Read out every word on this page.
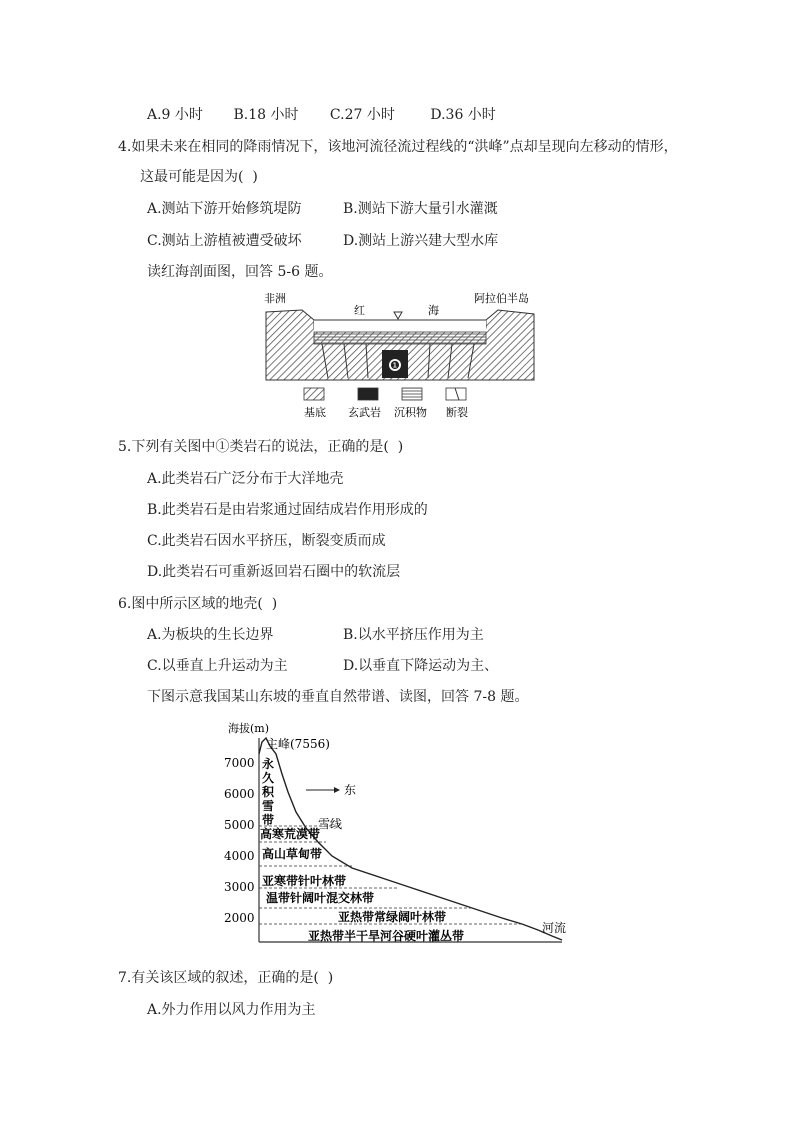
A.9 小时 B.18 小时 C.27 小时	D.36 小时
4.如果未来在相同的降雨情况下，该地河流径流过程线的“洪峰”点却呈现向左移动的情形，
这最可能是因为(  )
A.测站下游开始修筑堤防	B.测站下游大量引水灌溉
C.测站上游植被遭受破坏	D.测站上游兴建大型水库
读红海剖面图，回答 5-6 题。
非洲	阿拉伯半岛
红	海
❶
基底 玄武岩 沉积物 断裂
5.下列有关图中①类岩石的说法，正确的是(  )
A.此类岩石广泛分布于大洋地壳
B.此类岩石是由岩浆通过固结成岩作用形成的
C.此类岩石因水平挤压，断裂变质而成
D.此类岩石可重新返回岩石圈中的软流层
6.图中所示区域的地壳(  )
A.为板块的生长边界	B.以水平挤压作用为主
C.以垂直上升运动为主	D.以垂直下降运动为主、
下图示意我国某山东坡的垂直自然带谱、读图，回答 7-8 题。
海拔(m)
7000
6000
5000
4000
3000
2000
主峰(7556)
东
雪线
永
久
积
雪
带
高寒荒漠带
高山草甸带
亚寒带针叶林带
温带针阔叶混交林带
亚热带常绿阔叶林带
亚热带半干旱河谷硬叶灌丛带
河流
7.有关该区域的叙述，正确的是(  )
A.外力作用以风力作用为主
